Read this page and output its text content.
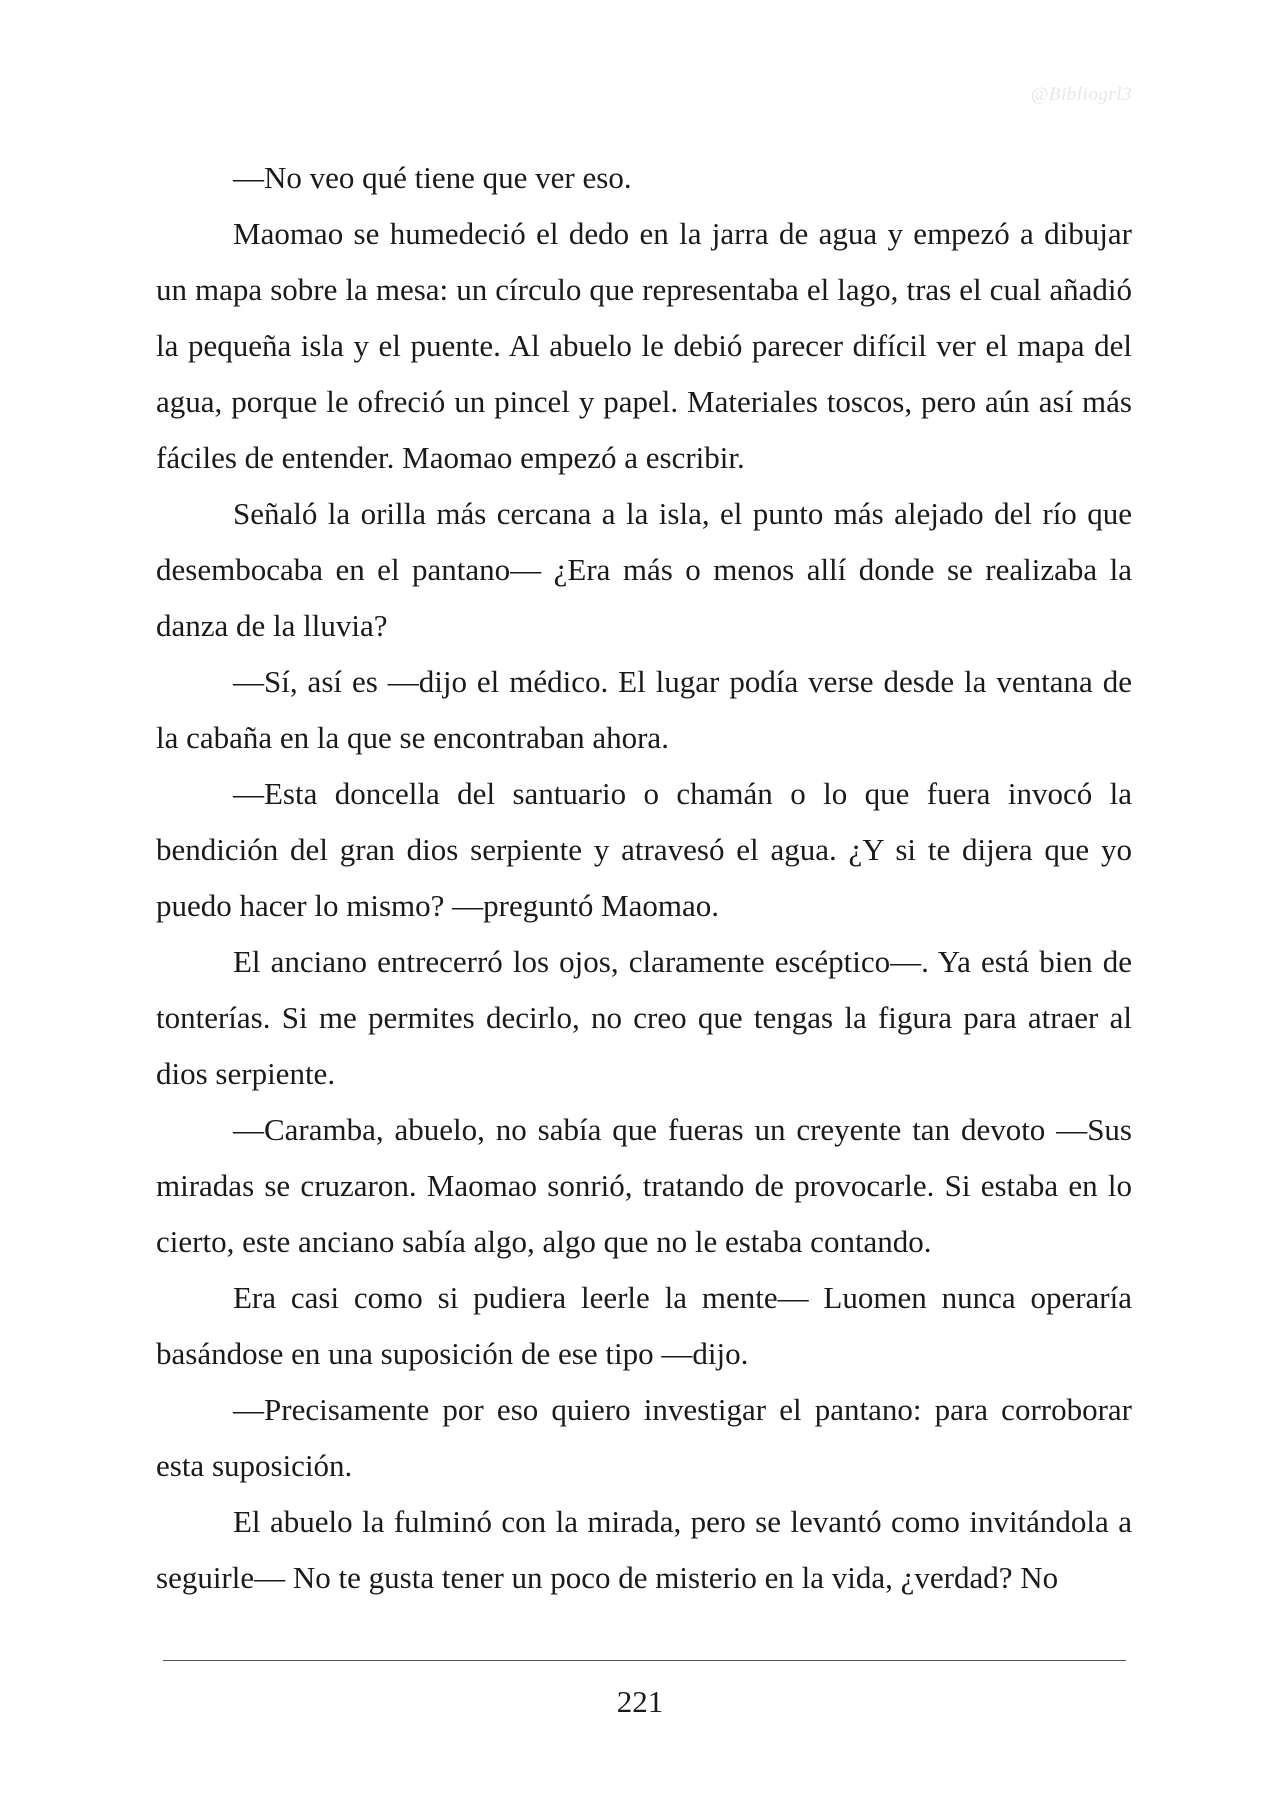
@Bibliogrl3

—No veo qué tiene que ver eso.

Maomao se humedeció el dedo en la jarra de agua y empezó a dibujar un mapa sobre la mesa: un círculo que representaba el lago, tras el cual añadió la pequeña isla y el puente. Al abuelo le debió parecer difícil ver el mapa del agua, porque le ofreció un pincel y papel. Materiales toscos, pero aún así más fáciles de entender. Maomao empezó a escribir.

Señaló la orilla más cercana a la isla, el punto más alejado del río que desembocaba en el pantano— ¿Era más o menos allí donde se realizaba la danza de la lluvia?

—Sí, así es —dijo el médico. El lugar podía verse desde la ventana de la cabaña en la que se encontraban ahora.

—Esta doncella del santuario o chamán o lo que fuera invocó la bendición del gran dios serpiente y atravesó el agua. ¿Y si te dijera que yo puedo hacer lo mismo? —preguntó Maomao.

El anciano entrecerró los ojos, claramente escéptico—. Ya está bien de tonterías. Si me permites decirlo, no creo que tengas la figura para atraer al dios serpiente.

—Caramba, abuelo, no sabía que fueras un creyente tan devoto —Sus miradas se cruzaron. Maomao sonrió, tratando de provocarle. Si estaba en lo cierto, este anciano sabía algo, algo que no le estaba contando.

Era casi como si pudiera leerle la mente— Luomen nunca operaría basándose en una suposición de ese tipo —dijo.

—Precisamente por eso quiero investigar el pantano: para corroborar esta suposición.

El abuelo la fulminó con la mirada, pero se levantó como invitándola a seguirle— No te gusta tener un poco de misterio en la vida, ¿verdad? No

221
